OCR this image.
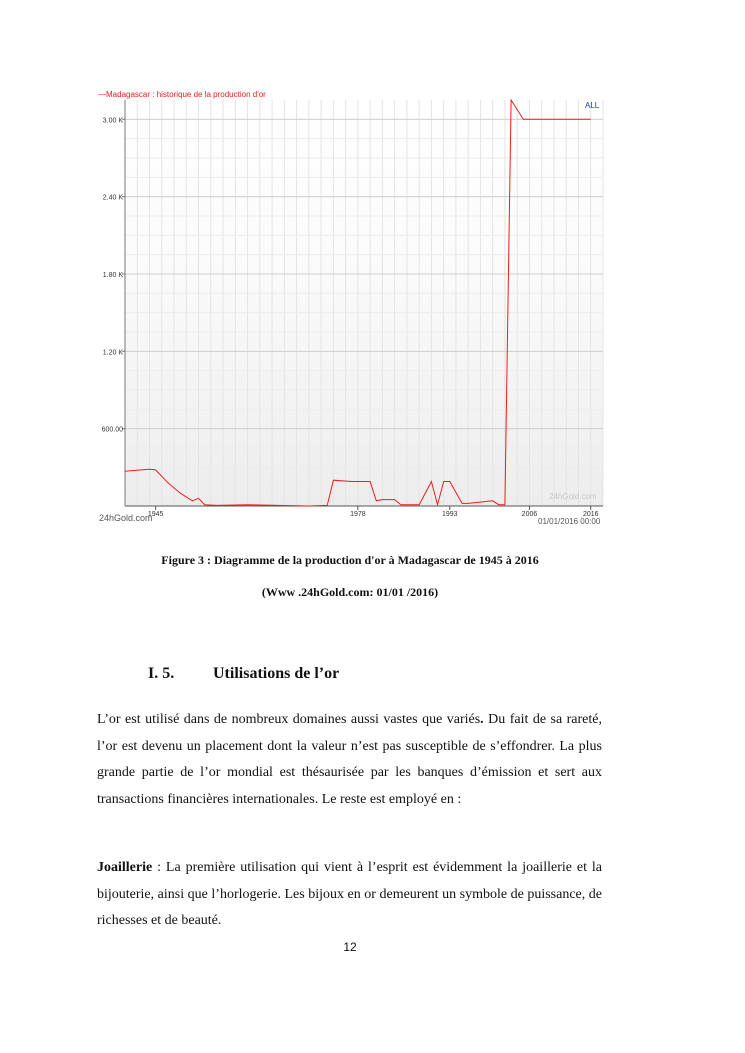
600.00
1.20 K
1.80 K
2.40 K
3.00 K
1945	1978	1993	2006	2016
— Madagascar : historique de la production d'or
ALL
24hGold.com
24hGold.com	01/01/2016 00:00
Figure 3 : Diagramme de la production d'or à Madagascar de 1945 à 2016
(Www .24hGold.com: 01/01 /2016)
I. 5. Utilisations de l’or

L’or est utilisé dans de nombreux domaines aussi vastes que variés. Du fait de sa rareté, l’or est devenu un placement dont la valeur n’est pas susceptible de s’effondrer. La plus grande partie de l’or mondial est thésaurisée par les banques d’émission et sert aux transactions financières internationales. Le reste est employé en :

Joaillerie : La première utilisation qui vient à l’esprit est évidemment la joaillerie et la bijouterie, ainsi que l’horlogerie. Les bijoux en or demeurent un symbole de puissance, de richesses et de beauté.

12
